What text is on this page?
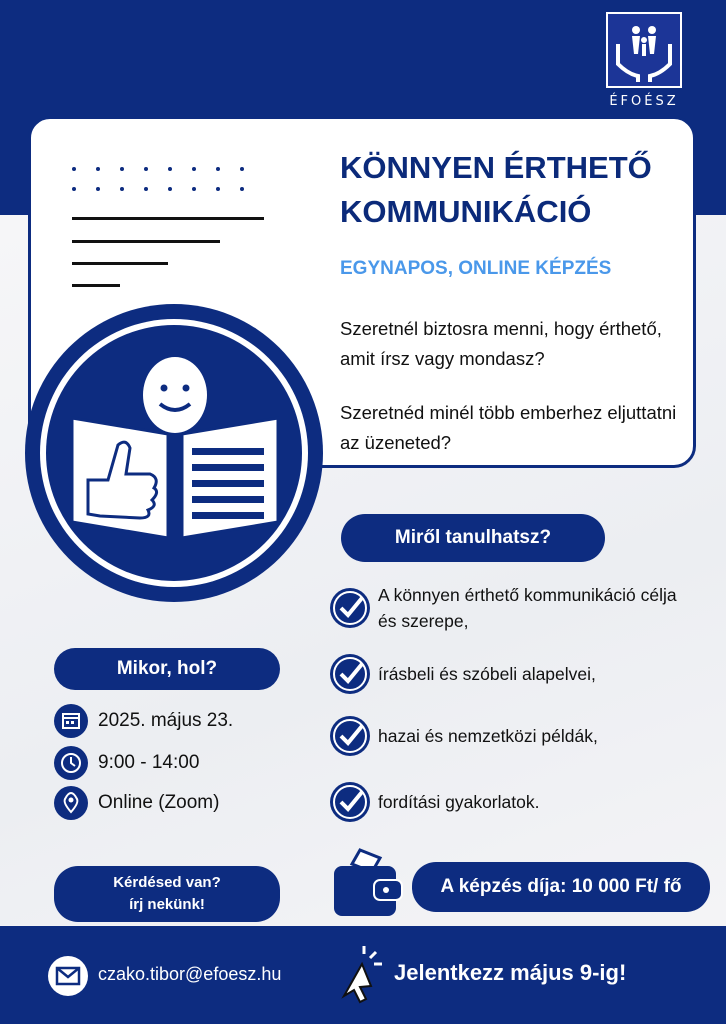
ÉFOÉSZ
KÖNNYEN ÉRTHETŐ
KOMMUNIKÁCIÓ
EGYNAPOS, ONLINE KÉPZÉS
Szeretnél biztosra menni, hogy érthető, amit írsz vagy mondasz?
Szeretnéd minél több emberhez eljuttatni az üzeneted?
Miről tanulhatsz?
A könnyen érthető kommunikáció célja és szerepe,
írásbeli és szóbeli alapelvei,
hazai és nemzetközi példák,
fordítási gyakorlatok.
Mikor, hol?
2025. május 23.
9:00 - 14:00
Online (Zoom)
Kérdésed van?
írj nekünk!
A képzés díja: 10 000 Ft/ fő
czako.tibor@efoesz.hu	Jelentkezz május 9-ig!
